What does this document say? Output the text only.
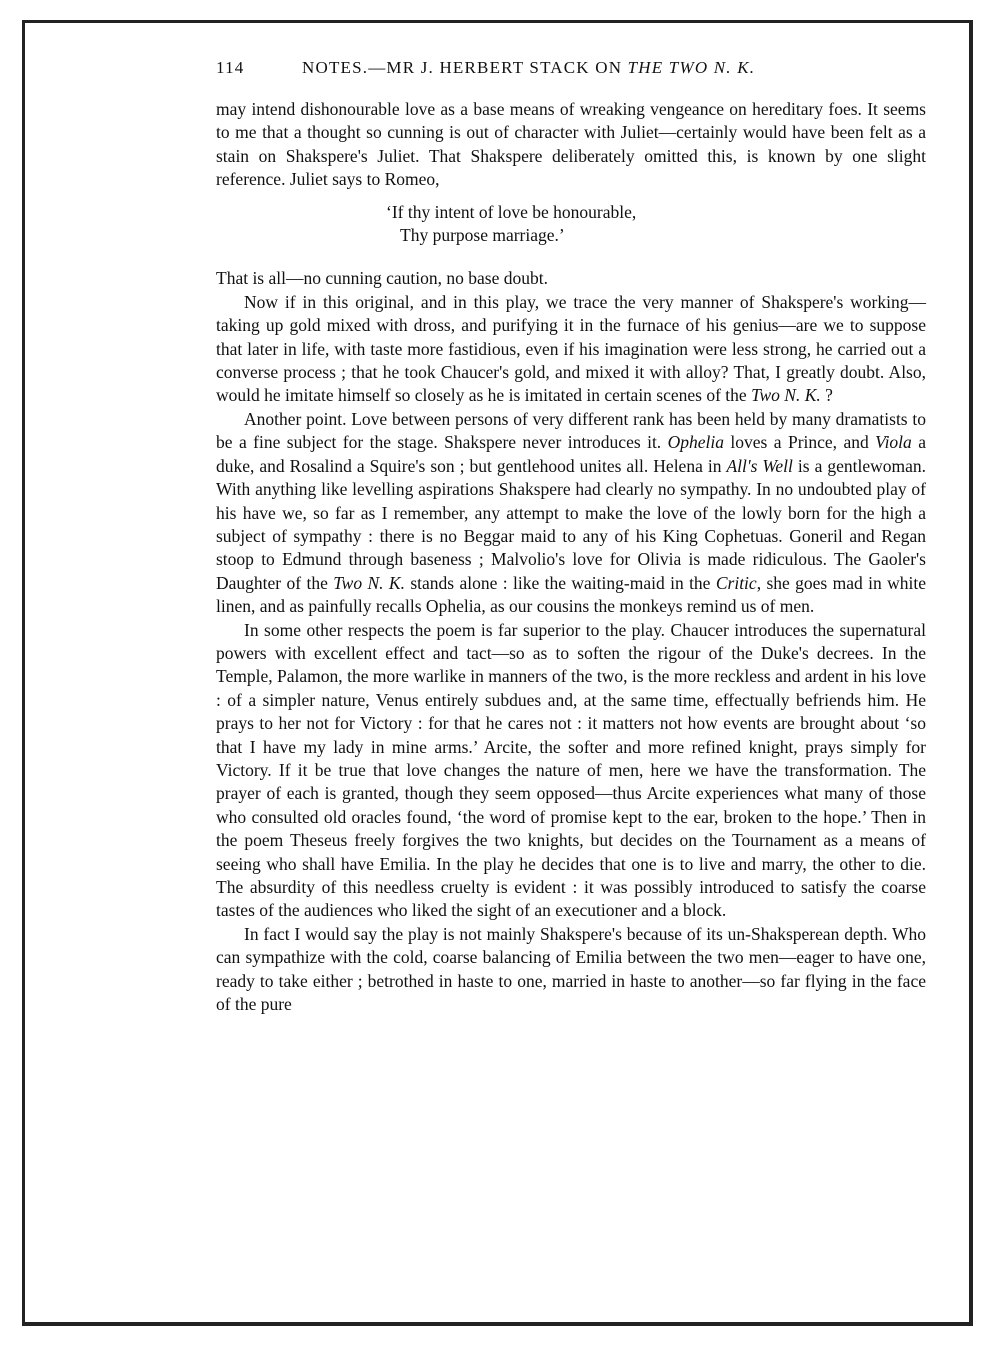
114	NOTES.—MR J. HERBERT STACK ON THE TWO N. K.

may intend dishonourable love as a base means of wreaking vengeance on hereditary foes. It seems to me that a thought so cunning is out of character with Juliet—certainly would have been felt as a stain on Shakspere's Juliet. That Shakspere deliberately omitted this, is known by one slight reference. Juliet says to Romeo,

‘If thy intent of love be honourable,
Thy purpose marriage.’

That is all—no cunning caution, no base doubt.

Now if in this original, and in this play, we trace the very manner of Shakspere's working—taking up gold mixed with dross, and purifying it in the furnace of his genius—are we to suppose that later in life, with taste more fastidious, even if his imagination were less strong, he carried out a converse process ; that he took Chaucer's gold, and mixed it with alloy? That, I greatly doubt. Also, would he imitate himself so closely as he is imitated in certain scenes of the Two N. K. ?

Another point. Love between persons of very different rank has been held by many dramatists to be a fine subject for the stage. Shakspere never introduces it. Ophelia loves a Prince, and Viola a duke, and Rosalind a Squire's son ; but gentlehood unites all. Helena in All's Well is a gentlewoman. With anything like levelling aspirations Shakspere had clearly no sympathy. In no undoubted play of his have we, so far as I remember, any attempt to make the love of the lowly born for the high a subject of sympathy : there is no Beggar maid to any of his King Cophetuas. Goneril and Regan stoop to Edmund through baseness ; Malvolio's love for Olivia is made ridiculous. The Gaoler's Daughter of the Two N. K. stands alone : like the waiting-maid in the Critic, she goes mad in white linen, and as painfully recalls Ophelia, as our cousins the monkeys remind us of men.

In some other respects the poem is far superior to the play. Chaucer introduces the supernatural powers with excellent effect and tact—so as to soften the rigour of the Duke's decrees. In the Temple, Palamon, the more warlike in manners of the two, is the more reckless and ardent in his love : of a simpler nature, Venus entirely subdues and, at the same time, effectually befriends him. He prays to her not for Victory : for that he cares not : it matters not how events are brought about ‘so that I have my lady in mine arms.’ Arcite, the softer and more refined knight, prays simply for Victory. If it be true that love changes the nature of men, here we have the transformation. The prayer of each is granted, though they seem opposed—thus Arcite experiences what many of those who consulted old oracles found, ‘the word of promise kept to the ear, broken to the hope.’ Then in the poem Theseus freely forgives the two knights, but decides on the Tournament as a means of seeing who shall have Emilia. In the play he decides that one is to live and marry, the other to die. The absurdity of this needless cruelty is evident : it was possibly introduced to satisfy the coarse tastes of the audiences who liked the sight of an executioner and a block.

In fact I would say the play is not mainly Shakspere's because of its un-Shaksperean depth. Who can sympathize with the cold, coarse balancing of Emilia between the two men—eager to have one, ready to take either ; betrothed in haste to one, married in haste to another—so far flying in the face of the pure
